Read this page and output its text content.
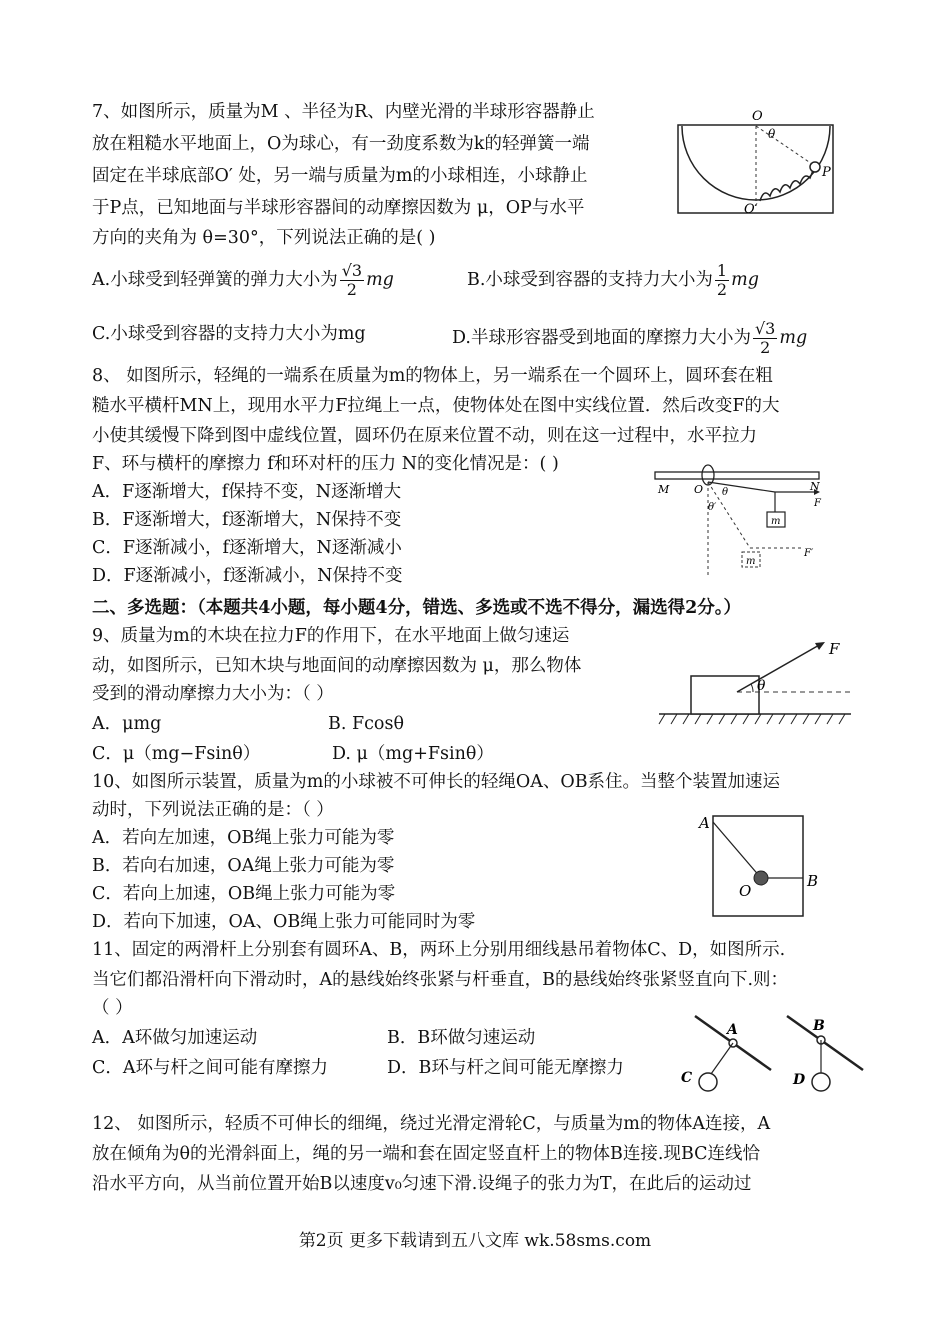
7、如图所示，质量为M 、半径为R、内壁光滑的半球形容器静止
放在粗糙水平地面上，O为球心，有一劲度系数为k的轻弹簧一端
固定在半球底部O′ 处，另一端与质量为m的小球相连，小球静止
于P点，已知地面与半球形容器间的动摩擦因数为 μ，OP与水平
方向的夹角为 θ=30°，下列说法正确的是( )
A.小球受到轻弹簧的弹力大小为 $\frac{√3}{2}$ mg	B.小球受到容器的支持力大小为 $\frac{1}{2}$ mg
C.小球受到容器的支持力大小为mg	D.半球形容器受到地面的摩擦力大小为 $\frac{√3}{2}$ mg
O
θ
P
O′
8、 如图所示，轻绳的一端系在质量为m的物体上，另一端系在一个圆环上，圆环套在粗
糙水平横杆MN上，现用水平力F拉绳上一点，使物体处在图中实线位置．然后改变F的大
小使其缓慢下降到图中虚线位置，圆环仍在原来位置不动，则在这一过程中，水平拉力
F、环与横杆的摩擦力 f和环对杆的压力 N的变化情况是：( )
A．F逐渐增大，f保持不变，N逐渐增大
B．F逐渐增大，f逐渐增大，N保持不变
C．F逐渐减小，f逐渐增大，N逐渐减小
D．F逐渐减小，f逐渐减小，N保持不变
M O	N
θ
θ′	F
F′
m
m
二、多选题：（本题共4小题，每小题4分，错选、多选或不选不得分，漏选得2分。）
9、质量为m的木块在拉力F的作用下，在水平地面上做匀速运
动，如图所示，已知木块与地面间的动摩擦因数为 μ，那么物体
受到的滑动摩擦力大小为：（ ）
A．μmg	B. Fcosθ
C．μ（mg−Fsinθ）	D. μ（mg+Fsinθ）
F
θ
10、如图所示装置，质量为m的小球被不可伸长的轻绳OA、OB系住。当整个装置加速运
动时，下列说法正确的是：（ ）
A．若向左加速，OB绳上张力可能为零
B．若向右加速，OA绳上张力可能为零
C．若向上加速，OB绳上张力可能为零
D．若向下加速，OA、OB绳上张力可能同时为零
A
O
B
11、固定的两滑杆上分别套有圆环A、B，两环上分别用细线悬吊着物体C、D，如图所示.
当它们都沿滑杆向下滑动时，A的悬线始终张紧与杆垂直，B的悬线始终张紧竖直向下.则：
（ ）
A．A环做匀加速运动	B．B环做匀速运动
C．A环与杆之间可能有摩擦力	D．B环与杆之间可能无摩擦力
A	B
C	D
12、 如图所示，轻质不可伸长的细绳，绕过光滑定滑轮C，与质量为m的物体A连接，A
放在倾角为θ的光滑斜面上，绳的另一端和套在固定竖直杆上的物体B连接.现BC连线恰
沿水平方向，从当前位置开始B以速度v₀匀速下滑.设绳子的张力为T，在此后的运动过
第2页 更多下载请到五八文库 wk.58sms.com
